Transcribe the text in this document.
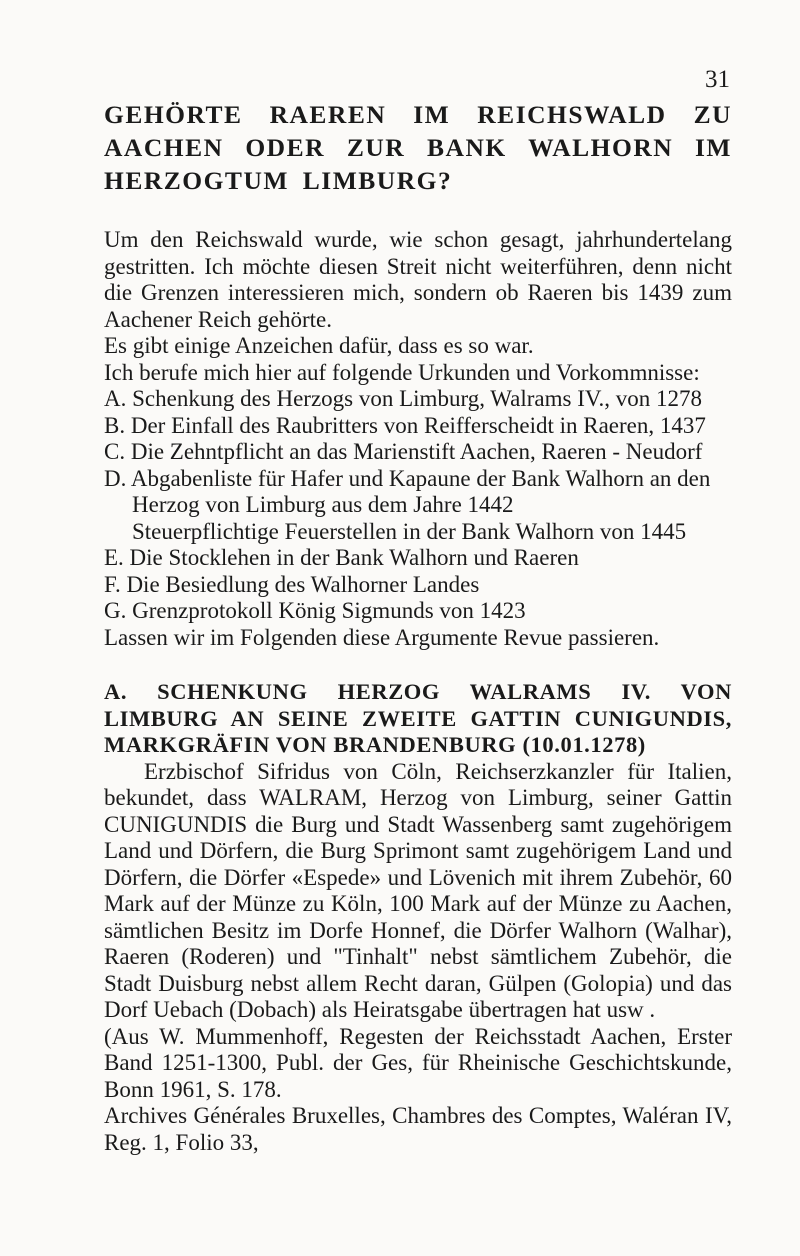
31
GEHÖRTE RAEREN IM REICHSWALD ZU AACHEN ODER ZUR BANK WALHORN IM HERZOGTUM LIMBURG?

Um den Reichswald wurde, wie schon gesagt, jahrhundertelang gestritten. Ich möchte diesen Streit nicht weiterführen, denn nicht die Grenzen interessieren mich, sondern ob Raeren bis 1439 zum Aachener Reich gehörte.

Es gibt einige Anzeichen dafür, dass es so war.
Ich berufe mich hier auf folgende Urkunden und Vorkommnisse:
A. Schenkung des Herzogs von Limburg, Walrams IV., von 1278
B. Der Einfall des Raubritters von Reifferscheidt in Raeren, 1437
C. Die Zehntpflicht an das Marienstift Aachen, Raeren - Neudorf
D. Abgabenliste für Hafer und Kapaune der Bank Walhorn an den
Herzog von Limburg aus dem Jahre 1442
Steuerpflichtige Feuerstellen in der Bank Walhorn von 1445
E. Die Stocklehen in der Bank Walhorn und Raeren
F. Die Besiedlung des Walhorner Landes
G. Grenzprotokoll König Sigmunds von 1423
Lassen wir im Folgenden diese Argumente Revue passieren.
A. SCHENKUNG HERZOG WALRAMS IV. VON LIMBURG AN SEINE ZWEITE GATTIN CUNIGUNDIS, MARKGRÄFIN VON BRANDENBURG (10.01.1278)

Erzbischof Sifridus von Cöln, Reichserzkanzler für Italien, bekundet, dass WALRAM, Herzog von Limburg, seiner Gattin CUNIGUNDIS die Burg und Stadt Wassenberg samt zugehörigem Land und Dörfern, die Burg Sprimont samt zugehörigem Land und Dörfern, die Dörfer «Espede» und Lövenich mit ihrem Zubehör, 60 Mark auf der Münze zu Köln, 100 Mark auf der Münze zu Aachen, sämtlichen Besitz im Dorfe Honnef, die Dörfer Walhorn (Walhar), Raeren (Roderen) und "Tinhalt" nebst sämtlichem Zubehör, die Stadt Duisburg nebst allem Recht daran, Gülpen (Golopia) und das Dorf Uebach (Dobach) als Heiratsgabe übertragen hat usw .

(Aus W. Mummenhoff, Regesten der Reichsstadt Aachen, Erster Band 1251-1300, Publ. der Ges, für Rheinische Geschichtskunde, Bonn 1961, S. 178.

Archives Générales Bruxelles, Chambres des Comptes, Waléran IV, Reg. 1, Folio 33,
